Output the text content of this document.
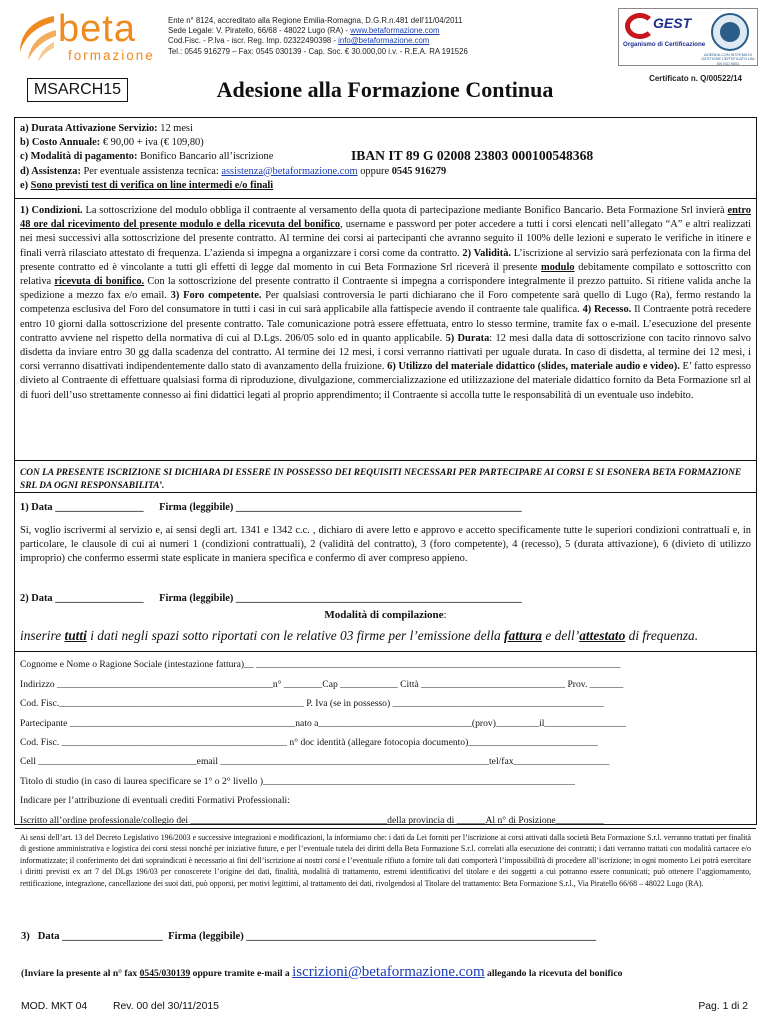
beta
formazione
Ente n° 8124, accreditato alla Regione Emilia-Romagna, D.G.R.n.481 dell’11/04/2011
Sede Legale: V. Piratello, 66/68 - 48022 Lugo (RA) - www.betaformazione.com
Cod.Fisc. - P.Iva - iscr. Reg. Imp. 02322490398 - info@betaformazione.com
Tel.: 0545 916279 – Fax: 0545 030139 - Cap. Soc. € 30.000,00 i.v. - R.E.A. RA 191526
GEST
Organismo di Certificazione
AZIENDA CON SISTEMA DI GESTIONE CERTIFICATO UNI EN ISO 9001
Certificato n. Q/00522/14
Adesione alla Formazione Continua
MSARCH15
a) Durata Attivazione Servizio: 12 mesi
b) Costo Annuale: € 90,00 + iva (€ 109,80)
c) Modalità di pagamento: Bonifico Bancario all’iscrizione
d) Assistenza: Per eventuale assistenza tecnica: assistenza@betaformazione.com oppure 0545 916279
e) Sono previsti test di verifica on line intermedi e/o finali
IBAN IT 89 G 02008 23803 000100548368

1) Condizioni. La sottoscrizione del modulo obbliga il contraente al versamento della quota di partecipazione mediante Bonifico Bancario. Beta Formazione Srl invierà entro 48 ore dal ricevimento del presente modulo e della ricevuta del bonifico, username e password per poter accedere a tutti i corsi elencati nell’allegato “A” e altri realizzati nei mesi successivi alla sottoscrizione del presente contratto. Al termine dei corsi ai partecipanti che avranno seguito il 100% delle lezioni e superato le verifiche in itinere e finali verrà rilasciato attestato di frequenza. L’azienda si impegna a organizzare i corsi come da contratto. 2) Validità. L’iscrizione al servizio sarà perfezionata con la firma del presente contratto ed è vincolante a tutti gli effetti di legge dal momento in cui Beta Formazione Srl riceverà il presente modulo debitamente compilato e sottoscritto con relativa ricevuta di bonifico. Con la sottoscrizione del presente contratto il Contraente si impegna a corrispondere integralmente il prezzo pattuito. Si ritiene valida anche la spedizione a mezzo fax e/o email. 3) Foro competente. Per qualsiasi controversia le parti dichiarano che il Foro competente sarà quello di Lugo (Ra), fermo restando la competenza esclusiva del Foro del consumatore in tutti i casi in cui sarà applicabile alla fattispecie avendo il contraente tale qualifica. 4) Recesso. Il Contraente potrà recedere entro 10 giorni dalla sottoscrizione del presente contratto. Tale comunicazione potrà essere effettuata, entro lo stesso termine, tramite fax o e-mail. L’esecuzione del presente contratto avviene nel rispetto della normativa di cui al D.Lgs. 206/05 solo ed in quanto applicabile. 5) Durata: 12 mesi dalla data di sottoscrizione con tacito rinnovo salvo disdetta da inviare entro 30 gg dalla scadenza del contratto. Al termine dei 12 mesi, i corsi verranno riattivati per uguale durata. In caso di disdetta, al termine dei 12 mesi, i corsi verranno disattivati indipendentemente dallo stato di avanzamento della fruizione. 6) Utilizzo del materiale didattico (slides, materiale audio e video). E’ fatto espresso divieto al Contraente di effettuare qualsiasi forma di riproduzione, divulgazione, commercializzazione ed utilizzazione del materiale didattico fornito da Beta Formazione srl al di fuori dell’uso strettamente connesso ai fini didattici legati al proprio apprendimento; il Contraente si accolla tutte le responsabilità di un eventuale uso indebito.

CON LA PRESENTE ISCRIZIONE SI DICHIARA DI ESSERE IN POSSESSO DEI REQUISITI NECESSARI PER PARTECIPARE AI CORSI E SI ESONERA BETA FORMAZIONE SRL DA OGNI RESPONSABILITA’.
1) Data _________________ Firma (leggibile) _______________________________________________________
Si, voglio iscrivermi al servizio e, ai sensi degli art. 1341 e 1342 c.c. , dichiaro di avere letto e approvo e accetto specificamente tutte le superiori condizioni contrattuali e, in particolare, le clausole di cui ai numeri 1 (condizioni contrattuali), 2 (validità del contratto), 3 (foro competente), 4 (recesso), 5 (durata attivazione), 6 (divieto di utilizzo improprio) che confermo essermi state esplicate in maniera specifica e confermo di aver compreso appieno.
2) Data _________________ Firma (leggibile) _______________________________________________________
Modalità di compilazione:
inserire tutti i dati negli spazi sotto riportati con le relative 03 firme per l’emissione della fattura e dell’attestato di frequenza.
Cognome e Nome o Ragione Sociale (intestazione fattura)__ ____________________________________________________________________________
Indirizzo _____________________________________________n° ________Cap ____________ Città ______________________________ Prov. _______
Cod. Fisc.___________________________________________________ P. Iva (se in possesso) ____________________________________________
Partecipante _______________________________________________nato a________________________________(prov)_________il_________________
Cod. Fisc. _______________________________________________ n° doc identità (allegare fotocopia documento)___________________________
Cell _________________________________email ________________________________________________________tel/fax____________________
Titolo di studio (in caso di laurea specificare se 1° o 2° livello )_________________________________________________________________
Indicare per l’attribuzione di eventuali crediti Formativi Professionali:
Iscritto all’ordine professionale/collegio dei _________________________________________della provincia di ______Al n° di Posizione__________
Ai sensi dell’art. 13 del Decreto Legislativo 196/2003 e successive integrazioni e modificazioni, la informiamo che: i dati da Lei forniti per l’iscrizione ai corsi attivati dalla società Beta Formazione S.r.l. verranno trattati per finalità di gestione amministrativa e logistica dei corsi stessi nonché per iniziative future, e per l’eventuale tutela dei diritti della Beta Formazione S.r.l. correlati alla esecuzione dei contratti; i dati verranno trattati con modalità cartacee e/o informatizzate; il conferimento dei dati sopraindicati è necessario ai fini dell’iscrizione ai nostri corsi e l’eventuale rifiuto a fornire tali dati comporterà l’impossibilità di procedere all’iscrizione; in ogni momento Lei potrà esercitare i diritti previsti ex art 7 del DLgs 196/03 per conoscerete l’origine dei dati, finalità, modalità di trattamento, estremi identificativi del titolare e dei soggetti a cui potranno essere comunicati; può ottenere l’aggiornamento, rettificazione, integrazione, cancellazione dei suoi dati, può opporsi, per motivi legittimi, al trattamento dei dati, rivolgendosi al Titolare del trattamento: Beta Formazione S.r.l., Via Piratello 66/68 – 48022 Lugo (RA).
3) Data ___________________ Firma (leggibile) __________________________________________________________________
(Inviare la presente al n° fax 0545/030139 oppure tramite e-mail a iscrizioni@betaformazione.com allegando la ricevuta del bonifico
MOD. MKT 04 Rev. 00 del 30/11/2015	Pag. 1 di 2
